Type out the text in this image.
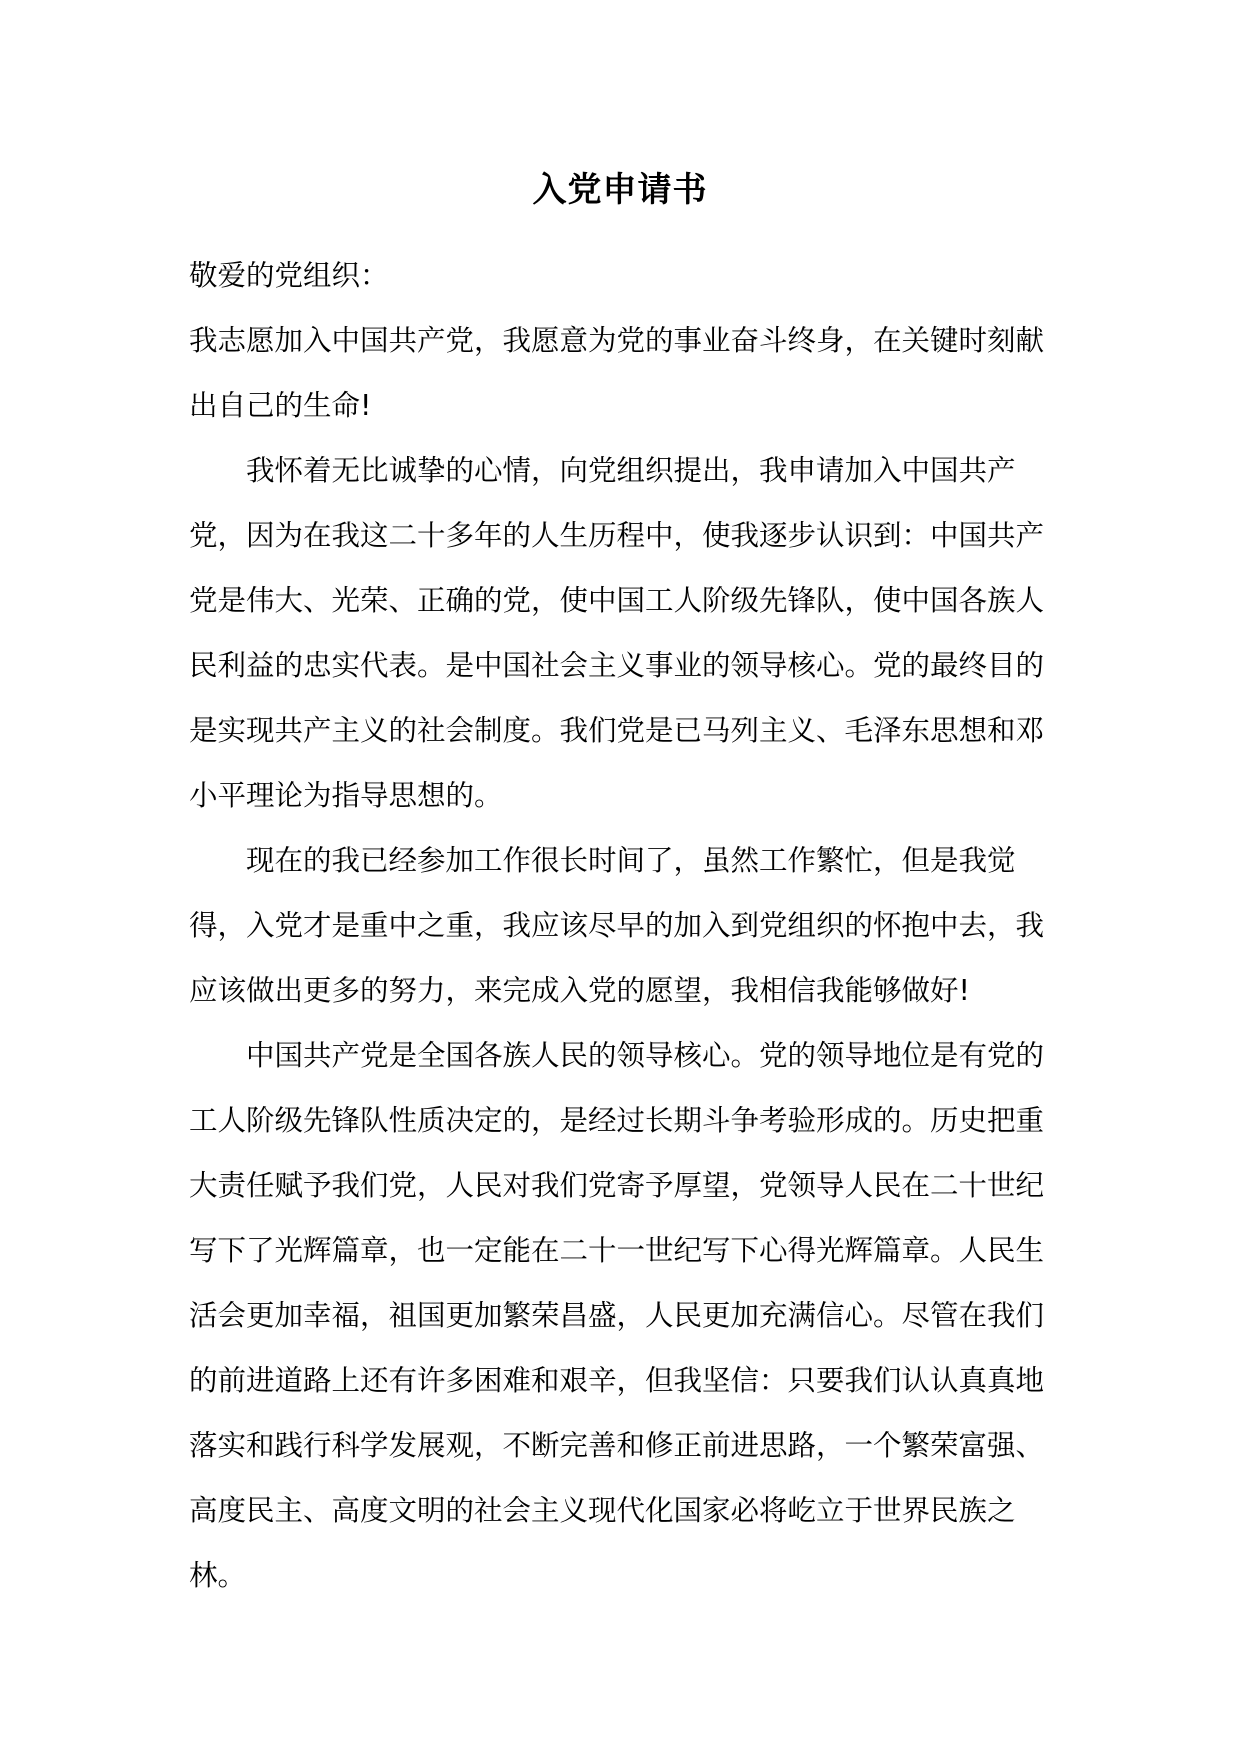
入党申请书

敬爱的党组织：

我志愿加入中国共产党，我愿意为党的事业奋斗终身，在关键时刻献出自己的生命!

我怀着无比诚挚的心情，向党组织提出，我申请加入中国共产党，因为在我这二十多年的人生历程中，使我逐步认识到：中国共产党是伟大、光荣、正确的党，使中国工人阶级先锋队，使中国各族人民利益的忠实代表。是中国社会主义事业的领导核心。党的最终目的是实现共产主义的社会制度。我们党是已马列主义、毛泽东思想和邓小平理论为指导思想的。

现在的我已经参加工作很长时间了，虽然工作繁忙，但是我觉得，入党才是重中之重，我应该尽早的加入到党组织的怀抱中去，我应该做出更多的努力，来完成入党的愿望，我相信我能够做好!

中国共产党是全国各族人民的领导核心。党的领导地位是有党的工人阶级先锋队性质决定的，是经过长期斗争考验形成的。历史把重大责任赋予我们党，人民对我们党寄予厚望，党领导人民在二十世纪写下了光辉篇章，也一定能在二十一世纪写下心得光辉篇章。人民生活会更加幸福，祖国更加繁荣昌盛，人民更加充满信心。尽管在我们的前进道路上还有许多困难和艰辛，但我坚信：只要我们认认真真地落实和践行科学发展观，不断完善和修正前进思路，一个繁荣富强、高度民主、高度文明的社会主义现代化国家必将屹立于世界民族之林。
